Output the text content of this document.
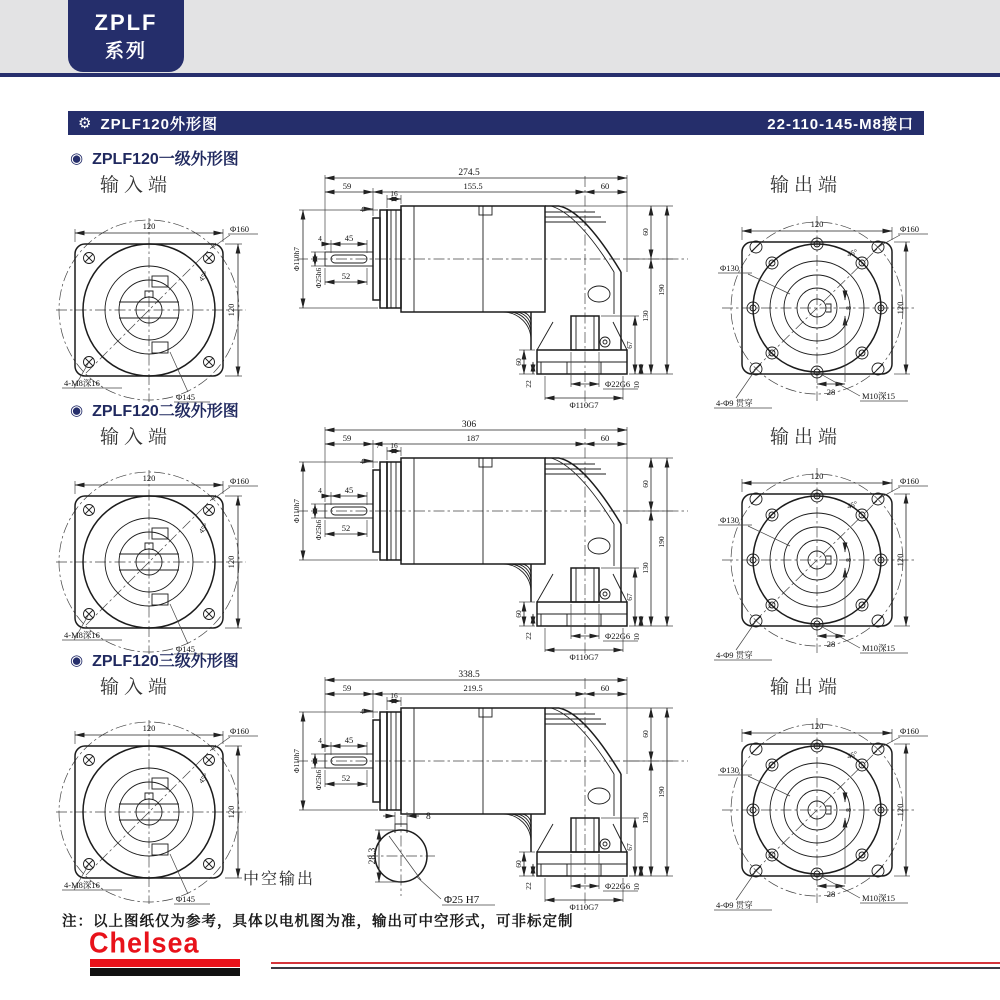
ZPLF
系列
⚙ ZPLF120外形图	22-110-145-M8接口
◉ ZPLF120一级外形图
输入端	输出端
120
120
Φ160
45°
4-M8深16
Φ145
274.5
59	155.5	60
16
4
4	45
52
Φ110h7
Φ25h6
60
130
190
67
10
60
22	Φ22G6
Φ110G7
120
45°
Φ160
Φ130
120
8
28	M10深15
4-Φ9 贯穿
◉ ZPLF120二级外形图
输入端	输出端
120
120
Φ160
45°
4-M8深16
Φ145
306
59	187	60
16
7
4
4	45
52
Φ110h7
Φ25h6
60
130
190
67
10
60
22	Φ22G6
Φ110G7
120
45°
Φ160
Φ130
120
8
28	M10深15
4-Φ9 贯穿
◉ ZPLF120三级外形图
输入端	输出端
中空输出
120
120
Φ160
45°
4-M8深16
Φ145
338.5
59	219.5	60
16
4
4	45
52
Φ110h7
Φ25h6
60
130
190
67
10
60
22	Φ22G6
Φ110G7
8
28.3
Φ25 H7
120
45°
Φ160
Φ130
120
8
28	M10深15
4-Φ9 贯穿
注：以上图纸仅为参考，具体以电机图为准，输出可中空形式，可非标定制
Chelsea
